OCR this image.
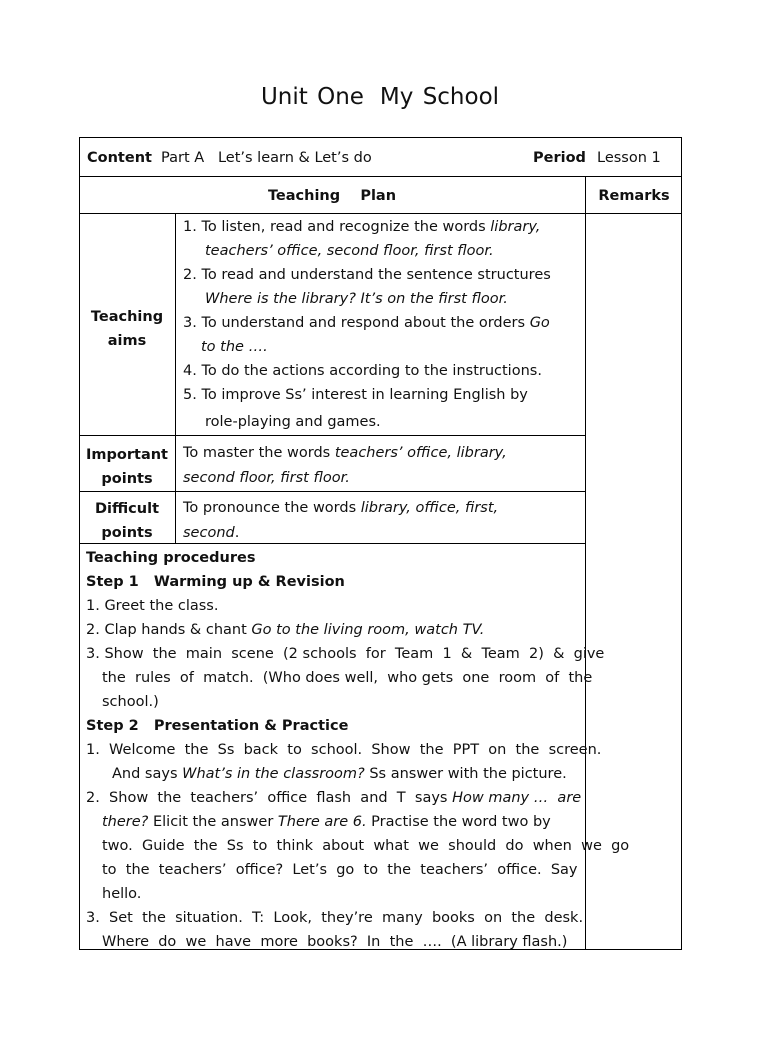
Unit One My School
Content Part A   Let’s learn & Let’s do	Period Lesson 1
Teaching    Plan	Remarks
Teaching
aims

1. To listen, read and recognize the words library,

teachers’ office, second floor, first floor.

2. To read and understand the sentence structures

Where is the library? It’s on the first floor.

3. To understand and respond about the orders Go

to the ….

4. To do the actions according to the instructions.

5. To improve Ss’ interest in learning English by

role-playing and games.

Important
points

To master the words teachers’ office, library,

second floor, first floor.

Difficult
points

To pronounce the words library, office, first,

second.

Teaching procedures

Step 1   Warming up & Revision

1. Greet the class.

2. Clap hands & chant Go to the living room, watch TV.

3. Show  the  main  scene  (2 schools  for  Team  1  &  Team  2)  &  give

the  rules  of  match.  (Who does well,  who gets  one  room  of  the

school.)

Step 2   Presentation & Practice

1.  Welcome  the  Ss  back  to  school.  Show  the  PPT  on  the  screen.

And says What’s in the classroom? Ss answer with the picture.

2.  Show  the  teachers’  office  flash  and  T  says How many …  are

there? Elicit the answer There are 6. Practise the word two by

two.  Guide  the  Ss  to  think  about  what  we  should  do  when  we  go

to  the  teachers’  office?  Let’s  go  to  the  teachers’  office.  Say

hello.

3.  Set  the  situation.  T:  Look,  they’re  many  books  on  the  desk.

Where  do  we  have  more  books?  In  the  ….  (A library flash.)
